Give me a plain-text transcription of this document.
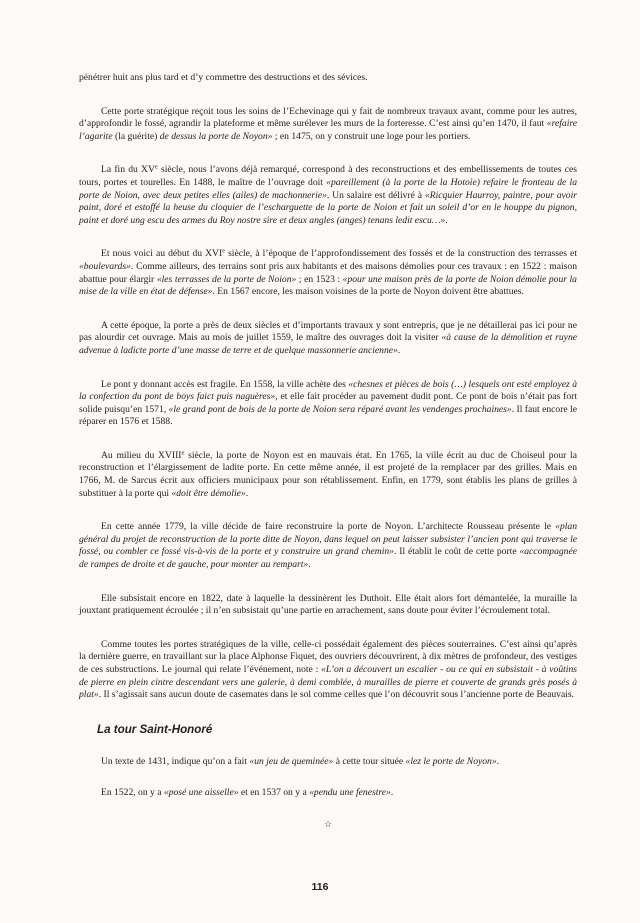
pénétrer huit ans plus tard et d’y commettre des destructions et des sévices.

Cette porte stratégique reçoit tous les soins de l’Echevinage qui y fait de nombreux travaux avant, comme pour les autres, d’approfondir le fossé, agrandir la plateforme et même surélever les murs de la forteresse. C’est ainsi qu’en 1470, il faut «refaire l’agarite (la guérite) de dessus la porte de Noyon» ; en 1475, on y construit une loge pour les portiers.

La fin du XVe siècle, nous l’avons déjà remarqué, correspond à des reconstructions et des embellissements de toutes ces tours, portes et tourelles. En 1488, le maître de l’ouvrage doit «pareillement (à la porte de la Hotoie) refaire le fronteau de la porte de Noion, avec deux petites elles (ailes) de machonnerie». Un salaire est délivré à «Ricquier Haurroy, paintre, pour avoir paint, doré et estoffé la heuse du cloquier de l’escharguette de la porte de Noion et fait un soleil d’or en le houppe du pignon, paint et doré ung escu des armes du Roy nostre sire et deux angles (anges) tenans ledit escu…».

Et nous voici au début du XVIe siècle, à l’époque de l’approfondissement des fossés et de la construction des terrasses et «boulevards». Comme ailleurs, des terrains sont pris aux habitants et des maisons démolies pour ces travaux : en 1522 : maison abattue pour élargir «les terrasses de la porte de Noion» ; en 1523 : «pour une maison près de la porte de Noion démolie pour la mise de la ville en état de défense». En 1567 encore, les maison voisines de la porte de Noyon doivent être abattues.

A cette époque, la porte a près de deux siècles et d’importants travaux y sont entrepris, que je ne détaillerai pas ici pour ne pas alourdir cet ouvrage. Mais au mois de juillet 1559, le maître des ouvrages doit la visiter «à cause de la démolition et ruyne advenue à ladicte porte d’une masse de terre et de quelque massonnerie ancienne».

Le pont y donnant accès est fragile. En 1558, la ville achète des «chesnes et pièces de bois (…) lesquels ont esté employez à la confection du pont de boys faict puis naguères», et elle fait procéder au pavement dudit pont. Ce pont de bois n’était pas fort solide puisqu’en 1571, «le grand pont de bois de la porte de Noion sera réparé avant les vendenges prochaines». Il faut encore le réparer en 1576 et 1588.

Au milieu du XVIIIe siècle, la porte de Noyon est en mauvais état. En 1765, la ville écrit au duc de Choiseul pour la reconstruction et l’élargissement de ladite porte. En cette même année, il est projeté de la remplacer par des grilles. Mais en 1766, M. de Sarcus écrit aux officiers municipaux pour son rétablissement. Enfin, en 1779, sont établis les plans de grilles à substituer à la porte qui «doit être démolie».

En cette année 1779, la ville décide de faire reconstruire la porte de Noyon. L’architecte Rousseau présente le «plan général du projet de reconstruction de la porte ditte de Noyon, dans lequel on peut laisser subsister l’ancien pont qui traverse le fossé, ou combler ce fossé vis-à-vis de la porte et y construire un grand chemin». Il établit le coût de cette porte «accompagnée de rampes de droite et de gauche, pour monter au rempart».

Elle subsistait encore en 1822, date à laquelle la dessinèrent les Duthoit. Elle était alors fort démantelée, la muraille la jouxtant pratiquement écroulée ; il n’en subsistait qu’une partie en arrachement, sans doute pour éviter l’écroulement total.

Comme toutes les portes stratégiques de la ville, celle-ci possédait également des pièces souterraines. C’est ainsi qu’après la dernière guerre, en travaillant sur la place Alphonse Fiquet, des ouvriers découvrirent, à dix mètres de profondeur, des vestiges de ces substructions. Le journal qui relate l’événement, note : «L’on a découvert un escalier - ou ce qui en subsistait - à voûtins de pierre en plein cintre descendant vers une galerie, à demi comblée, à murailles de pierre et couverte de grands grès posés à plat». Il s’agissait sans aucun doute de casemates dans le sol comme celles que l’on découvrit sous l’ancienne porte de Beauvais.

La tour Saint-Honoré

Un texte de 1431, indique qu’on a fait «un jeu de queminée» à cette tour située «lez le porte de Noyon».

En 1522, on y a «posé une aisselle» et en 1537 on y a «pendu une fenestre».

☆
116
